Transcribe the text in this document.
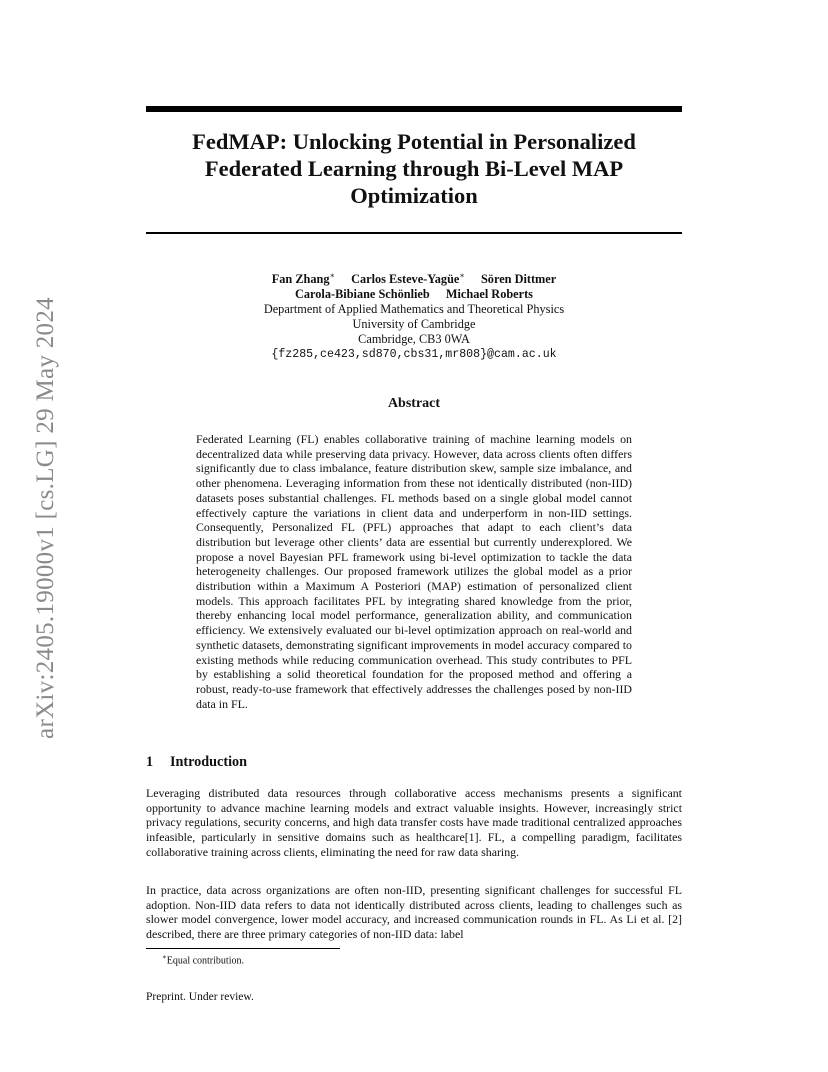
arXiv:2405.19000v1 [cs.LG] 29 May 2024
FedMAP: Unlocking Potential in Personalized Federated Learning through Bi-Level MAP Optimization
Fan Zhang∗ Carlos Esteve-Yagüe∗ Sören Dittmer
Carola-Bibiane Schönlieb Michael Roberts
Department of Applied Mathematics and Theoretical Physics
University of Cambridge
Cambridge, CB3 0WA
{fz285,ce423,sd870,cbs31,mr808}@cam.ac.uk
Abstract
Federated Learning (FL) enables collaborative training of machine learning models on decentralized data while preserving data privacy. However, data across clients often differs significantly due to class imbalance, feature distribution skew, sample size imbalance, and other phenomena. Leveraging information from these not identically distributed (non-IID) datasets poses substantial challenges. FL methods based on a single global model cannot effectively capture the variations in client data and underperform in non-IID settings. Consequently, Personalized FL (PFL) approaches that adapt to each client’s data distribution but leverage other clients’ data are essential but currently underexplored. We propose a novel Bayesian PFL framework using bi-level optimization to tackle the data heterogeneity challenges. Our proposed framework utilizes the global model as a prior distribution within a Maximum A Posteriori (MAP) estimation of personalized client models. This approach facilitates PFL by integrating shared knowledge from the prior, thereby enhancing local model performance, generalization ability, and communication efficiency. We extensively evaluated our bi-level optimization approach on real-world and synthetic datasets, demonstrating significant improvements in model accuracy compared to existing methods while reducing communication overhead. This study contributes to PFL by establishing a solid theoretical foundation for the proposed method and offering a robust, ready-to-use framework that effectively addresses the challenges posed by non-IID data in FL.
1 Introduction
Leveraging distributed data resources through collaborative access mechanisms presents a significant opportunity to advance machine learning models and extract valuable insights. However, increasingly strict privacy regulations, security concerns, and high data transfer costs have made traditional centralized approaches infeasible, particularly in sensitive domains such as healthcare[1]. FL, a compelling paradigm, facilitates collaborative training across clients, eliminating the need for raw data sharing.
In practice, data across organizations are often non-IID, presenting significant challenges for successful FL adoption. Non-IID data refers to data not identically distributed across clients, leading to challenges such as slower model convergence, lower model accuracy, and increased communication rounds in FL. As Li et al. [2] described, there are three primary categories of non-IID data: label
∗Equal contribution.
Preprint. Under review.
